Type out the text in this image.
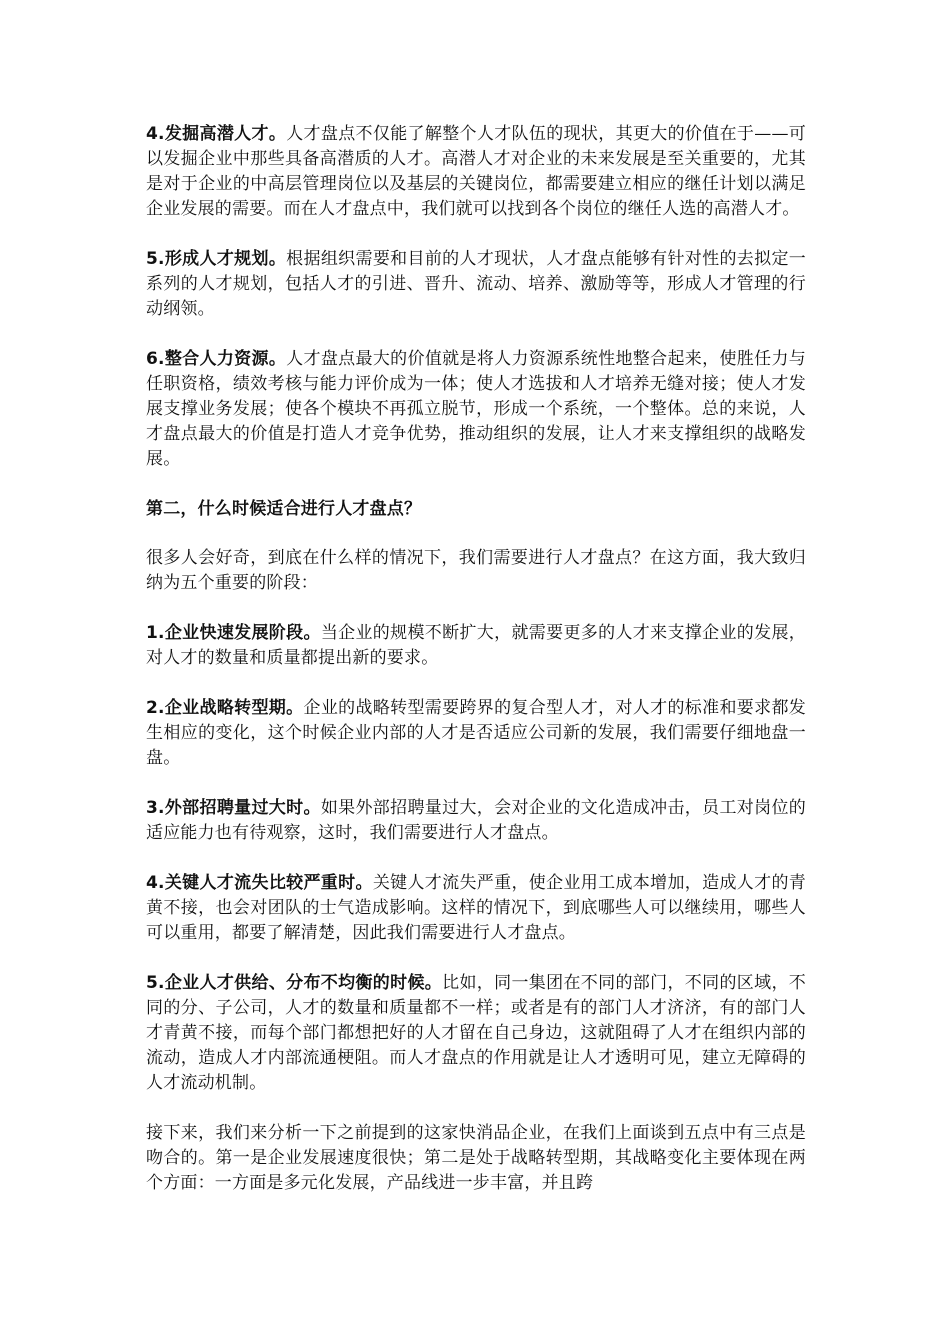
4.发掘高潜人才。人才盘点不仅能了解整个人才队伍的现状，其更大的价值在于——可以发掘企业中那些具备高潜质的人才。高潜人才对企业的未来发展是至关重要的，尤其是对于企业的中高层管理岗位以及基层的关键岗位，都需要建立相应的继任计划以满足企业发展的需要。而在人才盘点中，我们就可以找到各个岗位的继任人选的高潜人才。

5.形成人才规划。根据组织需要和目前的人才现状，人才盘点能够有针对性的去拟定一系列的人才规划，包括人才的引进、晋升、流动、培养、激励等等，形成人才管理的行动纲领。

6.整合人力资源。人才盘点最大的价值就是将人力资源系统性地整合起来，使胜任力与任职资格，绩效考核与能力评价成为一体；使人才选拔和人才培养无缝对接；使人才发展支撑业务发展；使各个模块不再孤立脱节，形成一个系统，一个整体。总的来说，人才盘点最大的价值是打造人才竞争优势，推动组织的发展，让人才来支撑组织的战略发展。

第二，什么时候适合进行人才盘点？

很多人会好奇，到底在什么样的情况下，我们需要进行人才盘点？在这方面，我大致归纳为五个重要的阶段：

1.企业快速发展阶段。当企业的规模不断扩大，就需要更多的人才来支撑企业的发展，对人才的数量和质量都提出新的要求。

2.企业战略转型期。企业的战略转型需要跨界的复合型人才，对人才的标准和要求都发生相应的变化，这个时候企业内部的人才是否适应公司新的发展，我们需要仔细地盘一盘。

3.外部招聘量过大时。如果外部招聘量过大，会对企业的文化造成冲击，员工对岗位的适应能力也有待观察，这时，我们需要进行人才盘点。

4.关键人才流失比较严重时。关键人才流失严重，使企业用工成本增加，造成人才的青黄不接，也会对团队的士气造成影响。这样的情况下，到底哪些人可以继续用，哪些人可以重用，都要了解清楚，因此我们需要进行人才盘点。

5.企业人才供给、分布不均衡的时候。比如，同一集团在不同的部门，不同的区域，不同的分、子公司，人才的数量和质量都不一样；或者是有的部门人才济济，有的部门人才青黄不接，而每个部门都想把好的人才留在自己身边，这就阻碍了人才在组织内部的流动，造成人才内部流通梗阻。而人才盘点的作用就是让人才透明可见，建立无障碍的人才流动机制。

接下来，我们来分析一下之前提到的这家快消品企业，在我们上面谈到五点中有三点是吻合的。第一是企业发展速度很快；第二是处于战略转型期，其战略变化主要体现在两个方面：一方面是多元化发展，产品线进一步丰富，并且跨
